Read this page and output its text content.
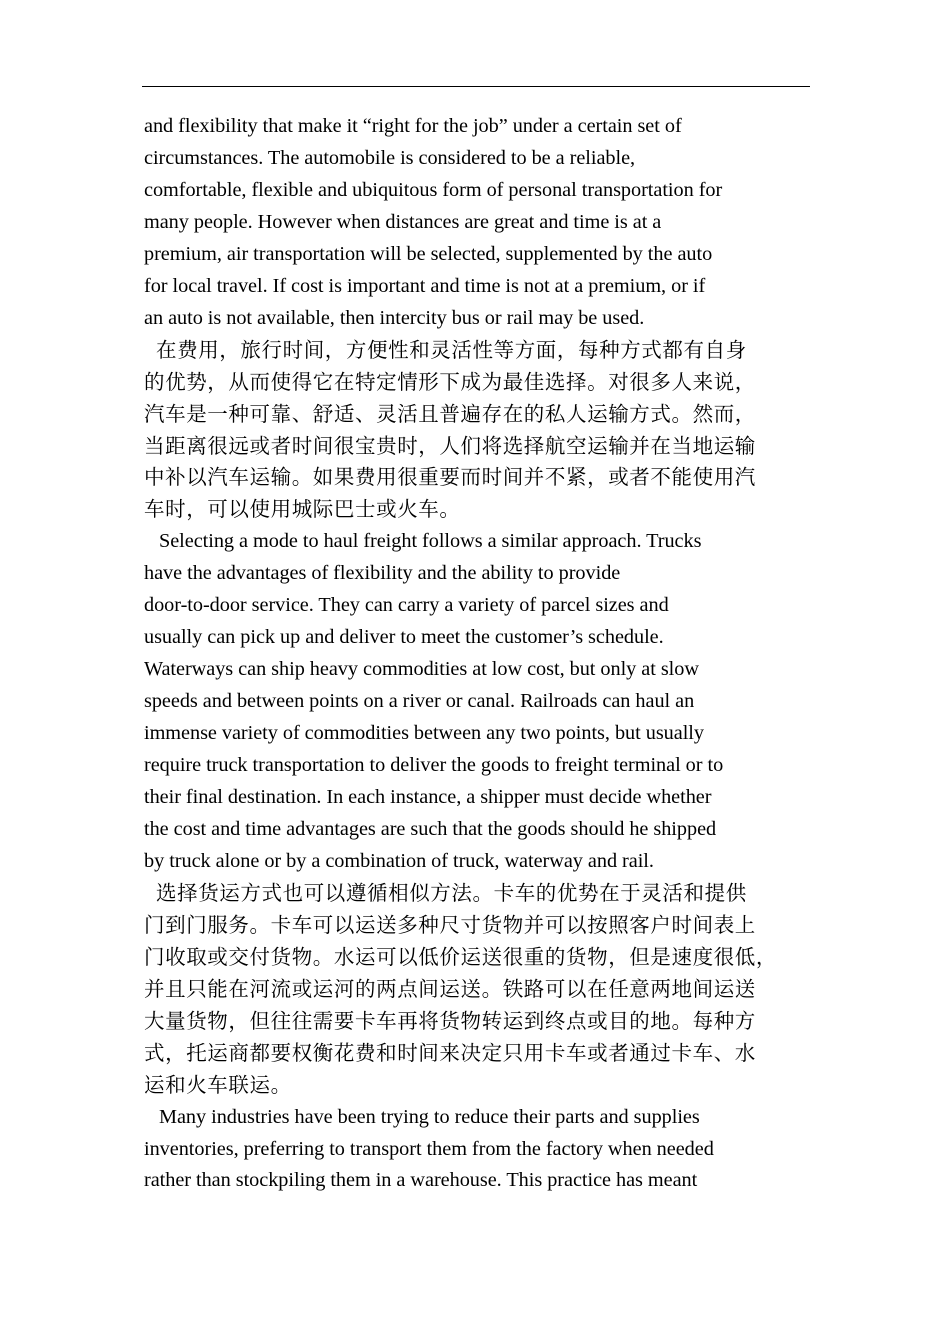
and flexibility that make it “right for the job” under a certain set of
circumstances. The automobile is considered to be a reliable,
comfortable, flexible and ubiquitous form of personal transportation for
many people. However when distances are great and time is at a
premium, air transportation will be selected, supplemented by the auto
for local travel. If cost is important and time is not at a premium, or if
an auto is not available, then intercity bus or rail may be used.

在费用，旅行时间，方便性和灵活性等方面，每种方式都有自身
的优势，从而使得它在特定情形下成为最佳选择。对很多人来说，
汽车是一种可靠、舒适、灵活且普遍存在的私人运输方式。然而，
当距离很远或者时间很宝贵时，人们将选择航空运输并在当地运输
中补以汽车运输。如果费用很重要而时间并不紧，或者不能使用汽
车时，可以使用城际巴士或火车。

Selecting a mode to haul freight follows a similar approach. Trucks
have the advantages of flexibility and the ability to provide
door-to-door service. They can carry a variety of parcel sizes and
usually can pick up and deliver to meet the customer’s schedule.
Waterways can ship heavy commodities at low cost, but only at slow
speeds and between points on a river or canal. Railroads can haul an
immense variety of commodities between any two points, but usually
require truck transportation to deliver the goods to freight terminal or to
their final destination. In each instance, a shipper must decide whether
the cost and time advantages are such that the goods should he shipped
by truck alone or by a combination of truck, waterway and rail.

选择货运方式也可以遵循相似方法。卡车的优势在于灵活和提供
门到门服务。卡车可以运送多种尺寸货物并可以按照客户时间表上
门收取或交付货物。水运可以低价运送很重的货物，但是速度很低，
并且只能在河流或运河的两点间运送。铁路可以在任意两地间运送
大量货物，但往往需要卡车再将货物转运到终点或目的地。每种方
式，托运商都要权衡花费和时间来决定只用卡车或者通过卡车、水
运和火车联运。

Many industries have been trying to reduce their parts and supplies
inventories, preferring to transport them from the factory when needed
rather than stockpiling them in a warehouse. This practice has meant
